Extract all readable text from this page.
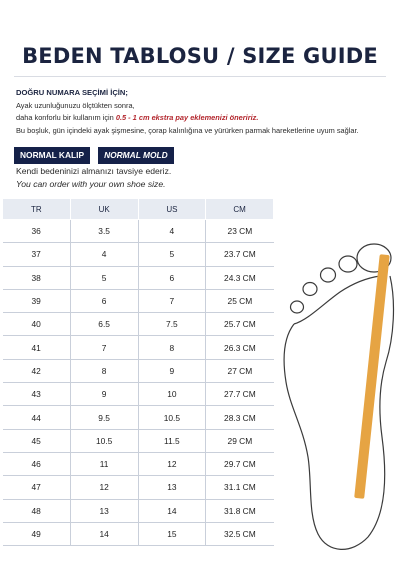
BEDEN TABLOSU / SIZE GUIDE
DOĞRU NUMARA SEÇİMİ İÇİN;
Ayak uzunluğunuzu ölçtükten sonra,
daha konforlu bir kullanım için 0.5 - 1 cm ekstra pay eklemenizi öneririz.
Bu boşluk, gün içindeki ayak şişmesine, çorap kalınlığına ve yürürken parmak hareketlerine uyum sağlar.
NORMAL KALIP	NORMAL MOLD
Kendi bedeninizi almanızı tavsiye ederiz.
You can order with your own shoe size.
TR	UK	US	CM
36	3.5	4	23 CM
37	4	5	23.7 CM
38	5	6	24.3 CM
39	6	7	25 CM
40	6.5	7.5	25.7 CM
41	7	8	26.3 CM
42	8	9	27 CM
43	9	10	27.7 CM
44	9.5	10.5	28.3 CM
45	10.5	11.5	29 CM
46	11	12	29.7 CM
47	12	13	31.1 CM
48	13	14	31.8 CM
49	14	15	32.5 CM
